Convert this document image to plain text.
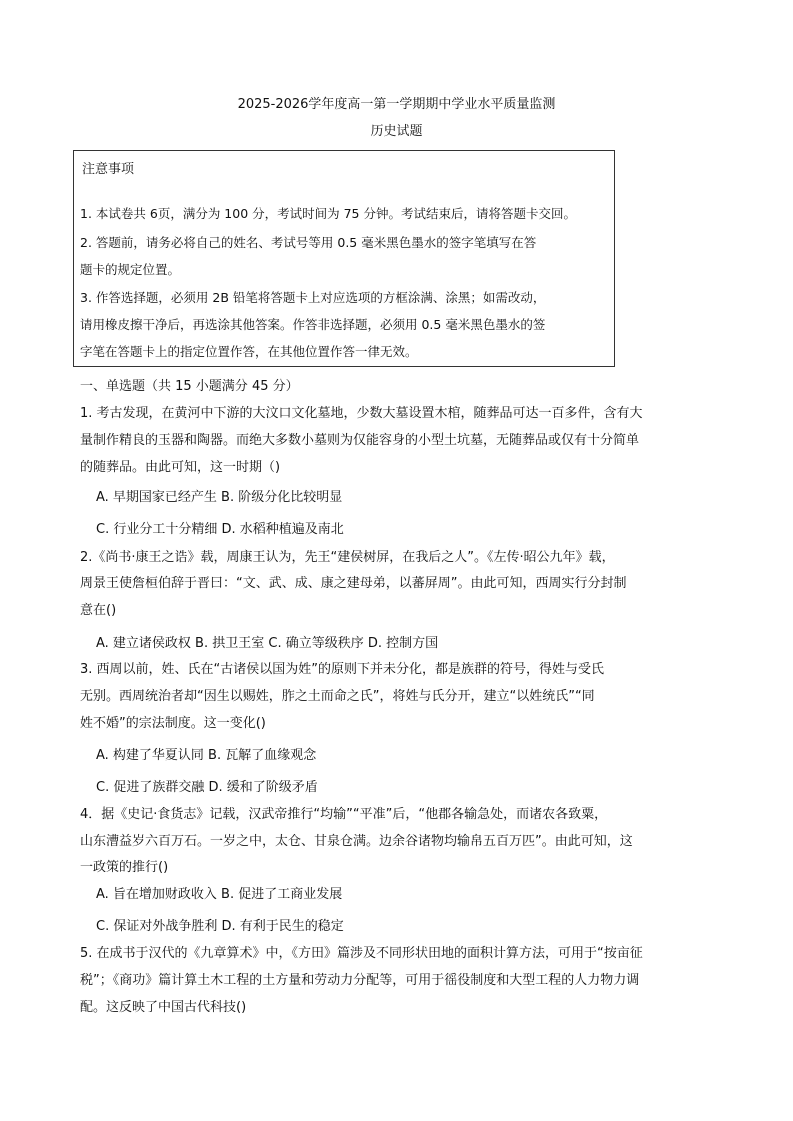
2025-2026学年度高一第一学期期中学业水平质量监测
历史试题
注意事项
1. 本试卷共 6页，满分为 100 分，考试时间为 75 分钟。考试结束后，请将答题卡交回。
2. 答题前，请务必将自己的姓名、考试号等用 0.5 毫米黑色墨水的签字笔填写在答
题卡的规定位置。
3. 作答选择题，必须用 2B 铅笔将答题卡上对应选项的方框涂满、涂黑；如需改动，
请用橡皮擦干净后，再选涂其他答案。作答非选择题，必须用 0.5 毫米黑色墨水的签
字笔在答题卡上的指定位置作答，在其他位置作答一律无效。
一、单选题（共 15 小题满分 45 分）
1. 考古发现，在黄河中下游的大汶口文化墓地，少数大墓设置木棺，随葬品可达一百多件，含有大
量制作精良的玉器和陶器。而绝大多数小墓则为仅能容身的小型土坑墓，无随葬品或仅有十分简单
的随葬品。由此可知，这一时期（)
A. 早期国家已经产生 B. 阶级分化比较明显
C. 行业分工十分精细 D. 水稻种植遍及南北
2.《尚书·康王之诰》载，周康王认为，先王“建侯树屏，在我后之人”。《左传·昭公九年》载，
周景王使詹桓伯辞于晋曰：“文、武、成、康之建母弟，以蕃屏周”。由此可知，西周实行分封制
意在()
A. 建立诸侯政权 B. 拱卫王室 C. 确立等级秩序 D. 控制方国
3. 西周以前，姓、氏在“古诸侯以国为姓”的原则下并未分化，都是族群的符号，得姓与受氏
无别。西周统治者却“因生以赐姓，胙之土而命之氏”，将姓与氏分开，建立“以姓统氏”“同
姓不婚”的宗法制度。这一变化()
A. 构建了华夏认同 B. 瓦解了血缘观念
C. 促进了族群交融 D. 缓和了阶级矛盾
4．据《史记·食货志》记载，汉武帝推行“均输”“平准”后，“他郡各输急处，而诸农各致粟，
山东漕益岁六百万石。一岁之中，太仓、甘泉仓满。边余谷诸物均输帛五百万匹”。由此可知，这
一政策的推行()
A. 旨在增加财政收入 B. 促进了工商业发展
C. 保证对外战争胜利 D. 有利于民生的稳定
5. 在成书于汉代的《九章算术》中，《方田》篇涉及不同形状田地的面积计算方法，可用于“按亩征
税”；《商功》篇计算土木工程的土方量和劳动力分配等，可用于徭役制度和大型工程的人力物力调
配。这反映了中国古代科技()
